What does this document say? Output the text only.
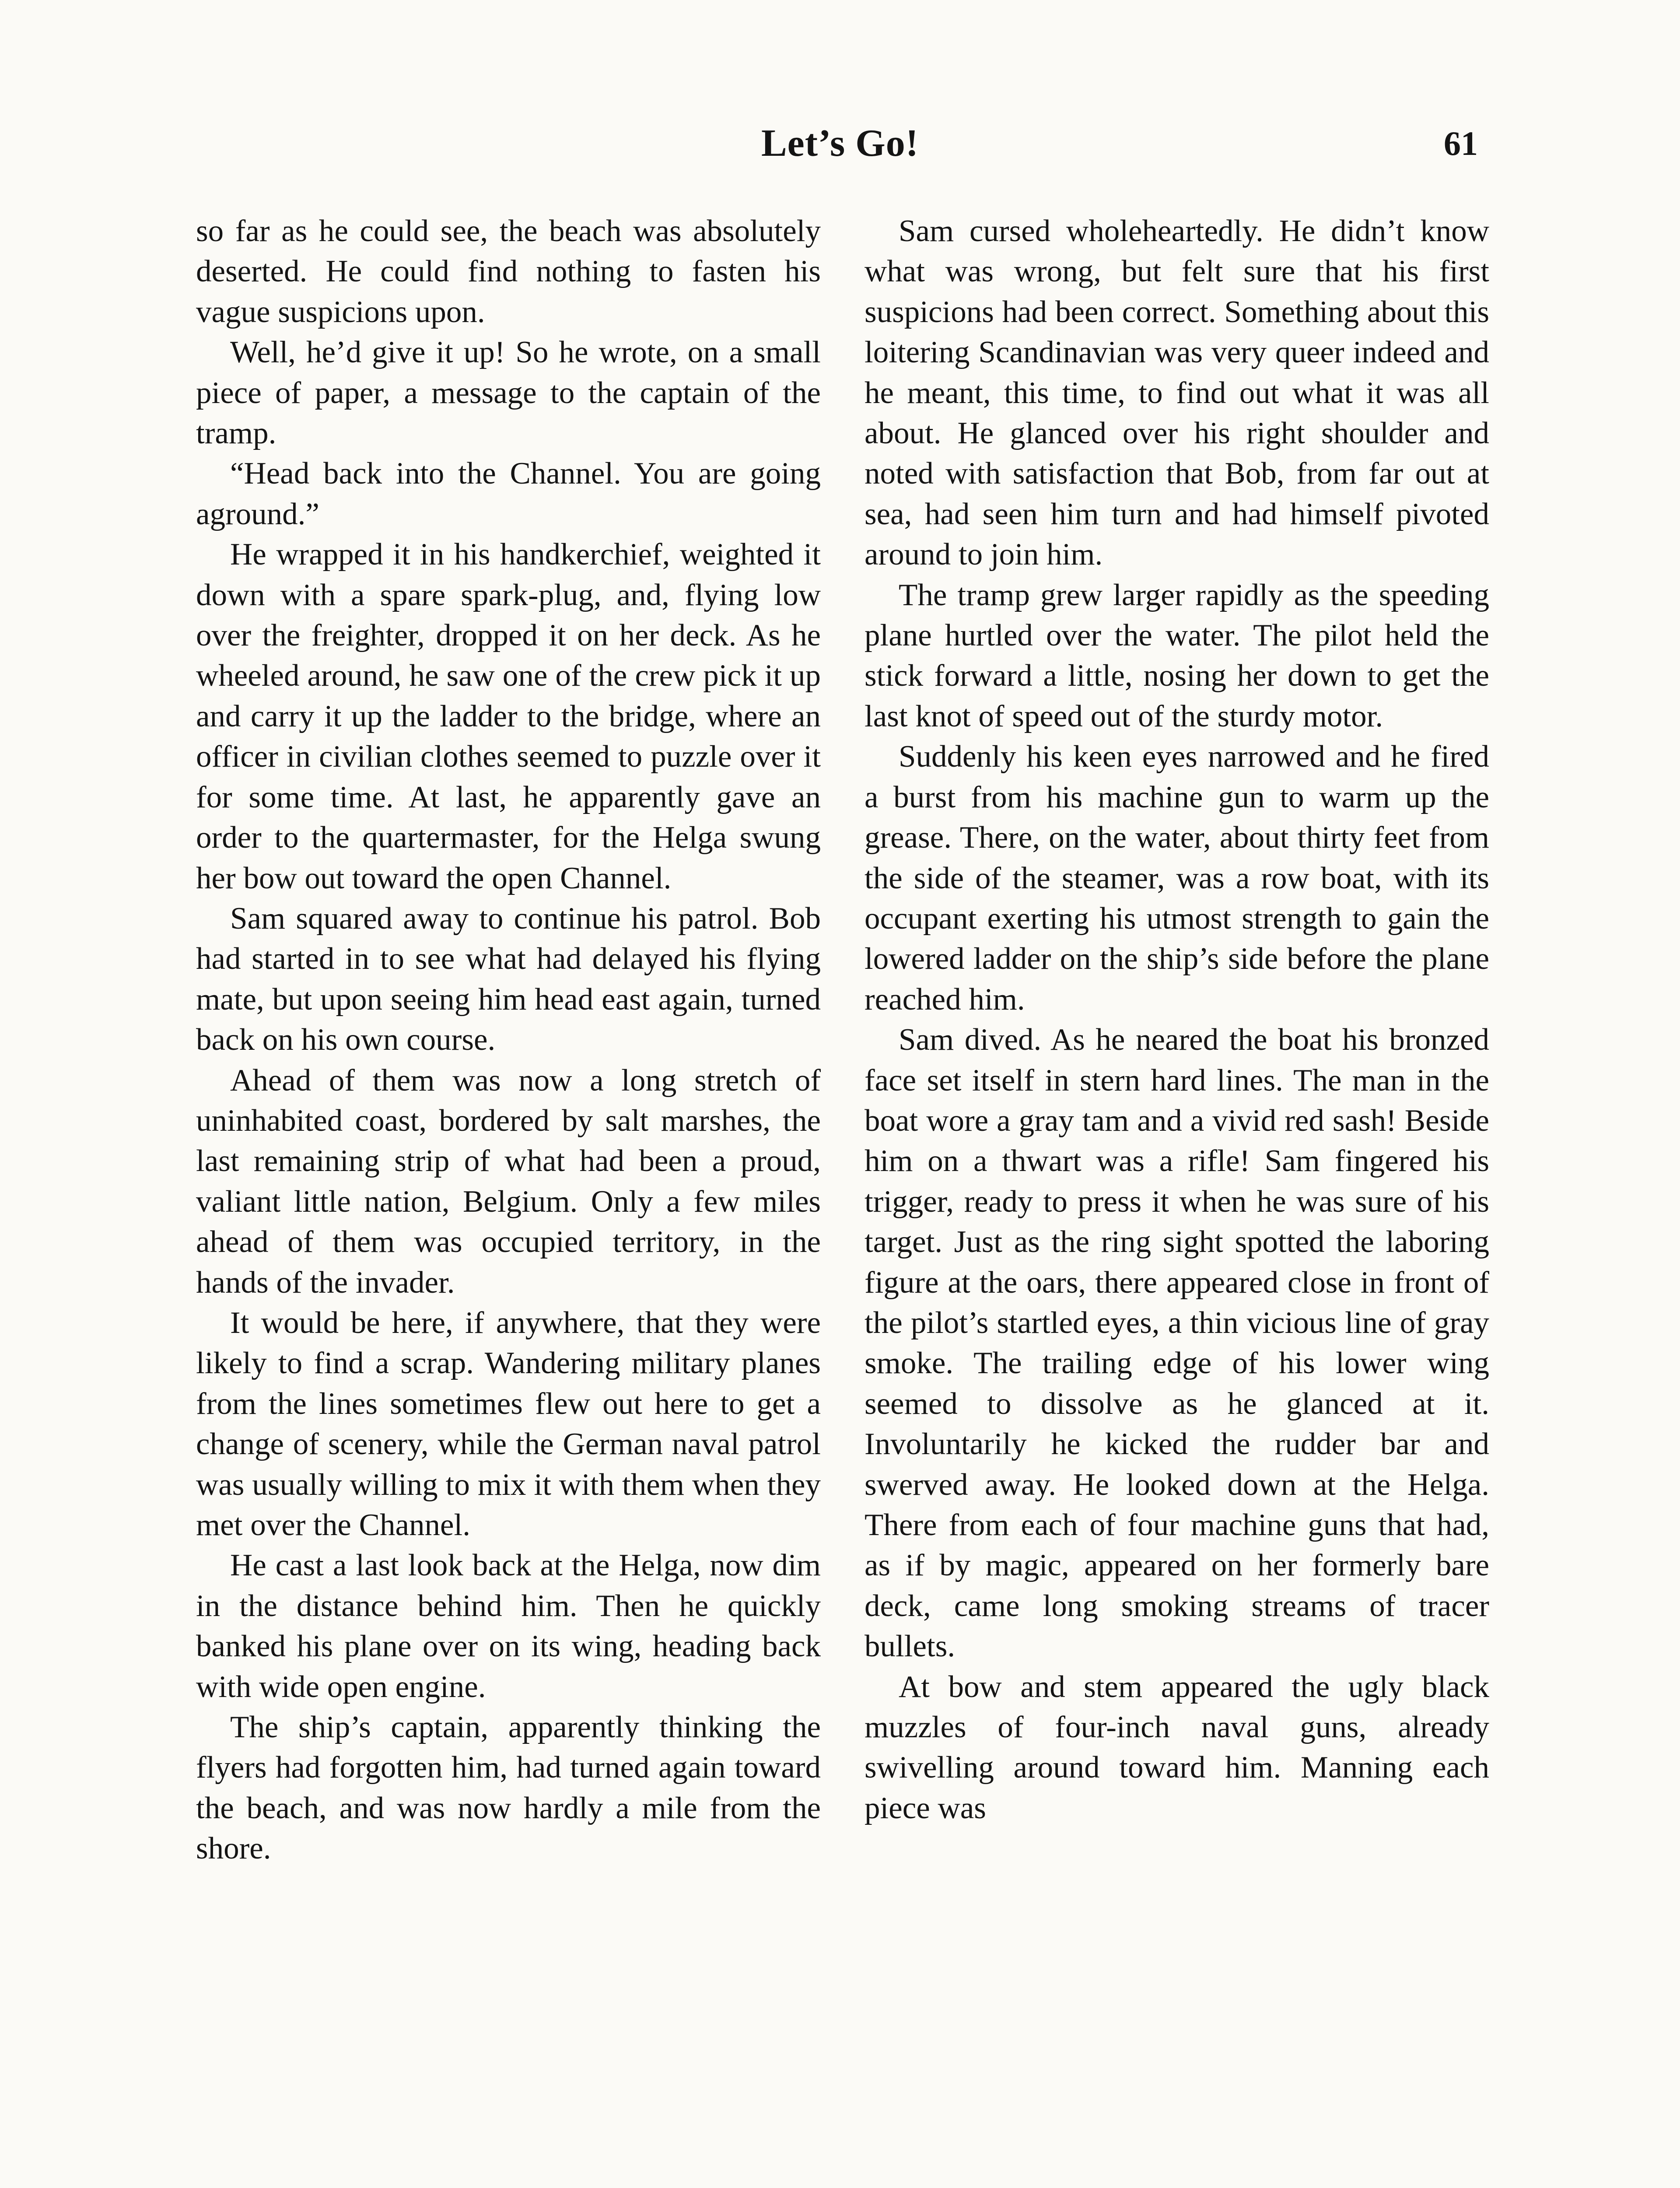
Let’s Go!	61

so far as he could see, the beach was absolutely deserted. He could find nothing to fasten his vague suspicions upon.

Well, he’d give it up! So he wrote, on a small piece of paper, a message to the captain of the tramp.

“Head back into the Channel. You are going aground.”

He wrapped it in his handkerchief, weighted it down with a spare spark-plug, and, flying low over the freighter, dropped it on her deck. As he wheeled around, he saw one of the crew pick it up and carry it up the ladder to the bridge, where an officer in civilian clothes seemed to puzzle over it for some time. At last, he apparently gave an order to the quartermaster, for the Helga swung her bow out toward the open Channel.

Sam squared away to continue his patrol. Bob had started in to see what had delayed his flying mate, but upon seeing him head east again, turned back on his own course.

Ahead of them was now a long stretch of uninhabited coast, bordered by salt marshes, the last remaining strip of what had been a proud, valiant little nation, Belgium. Only a few miles ahead of them was occupied territory, in the hands of the invader.

It would be here, if anywhere, that they were likely to find a scrap. Wandering military planes from the lines sometimes flew out here to get a change of scenery, while the German naval patrol was usually willing to mix it with them when they met over the Channel.

He cast a last look back at the Helga, now dim in the distance behind him. Then he quickly banked his plane over on its wing, heading back with wide open engine.

The ship’s captain, apparently thinking the flyers had forgotten him, had turned again toward the beach, and was now hardly a mile from the shore.

Sam cursed wholeheartedly. He didn’t know what was wrong, but felt sure that his first suspicions had been correct. Something about this loitering Scandinavian was very queer indeed and he meant, this time, to find out what it was all about. He glanced over his right shoulder and noted with satisfaction that Bob, from far out at sea, had seen him turn and had himself pivoted around to join him.

The tramp grew larger rapidly as the speeding plane hurtled over the water. The pilot held the stick forward a little, nosing her down to get the last knot of speed out of the sturdy motor.

Suddenly his keen eyes narrowed and he fired a burst from his machine gun to warm up the grease. There, on the water, about thirty feet from the side of the steamer, was a row boat, with its occupant exerting his utmost strength to gain the lowered ladder on the ship’s side before the plane reached him.

Sam dived. As he neared the boat his bronzed face set itself in stern hard lines. The man in the boat wore a gray tam and a vivid red sash! Beside him on a thwart was a rifle! Sam fingered his trigger, ready to press it when he was sure of his target. Just as the ring sight spotted the laboring figure at the oars, there appeared close in front of the pilot’s startled eyes, a thin vicious line of gray smoke. The trailing edge of his lower wing seemed to dissolve as he glanced at it. Involuntarily he kicked the rudder bar and swerved away. He looked down at the Helga. There from each of four machine guns that had, as if by magic, appeared on her formerly bare deck, came long smoking streams of tracer bullets.

At bow and stem appeared the ugly black muzzles of four-inch naval guns, already swivelling around toward him. Manning each piece was
